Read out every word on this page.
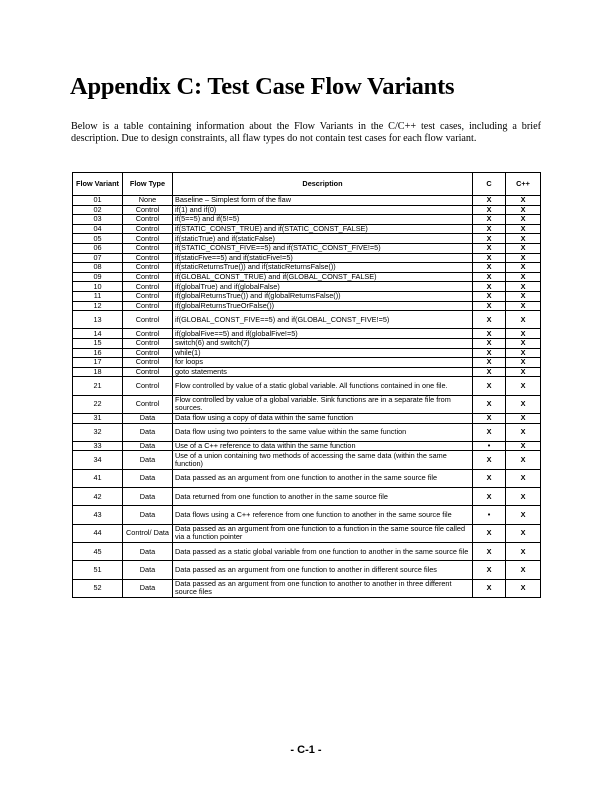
Appendix C: Test Case Flow Variants

Below is a table containing information about the Flow Variants in the C/C++ test cases, including a brief description. Due to design constraints, all flaw types do not contain test cases for each flow variant.

Flow Variant	Flow Type	Description	C	C++
01	None	Baseline – Simplest form of the flaw	X	X
02	Control	if(1) and if(0)	X	X
03	Control	if(5==5) and if(5!=5)	X	X
04	Control	if(STATIC_CONST_TRUE) and if(STATIC_CONST_FALSE)	X	X
05	Control	if(staticTrue) and if(staticFalse)	X	X
06	Control	if(STATIC_CONST_FIVE==5) and if(STATIC_CONST_FIVE!=5)	X	X
07	Control	if(staticFive==5) and if(staticFive!=5)	X	X
08	Control	if(staticReturnsTrue()) and if(staticReturnsFalse())	X	X
09	Control	if(GLOBAL_CONST_TRUE) and if(GLOBAL_CONST_FALSE)	X	X
10	Control	if(globalTrue) and if(globalFalse)	X	X
11	Control	if(globalReturnsTrue()) and if(globalReturnsFalse())	X	X
12	Control	if(globalReturnsTrueOrFalse())	X	X
13	Control	if(GLOBAL_CONST_FIVE==5) and if(GLOBAL_CONST_FIVE!=5)	X	X
14	Control	if(globalFive==5) and if(globalFive!=5)	X	X
15	Control	switch(6) and switch(7)	X	X
16	Control	while(1)	X	X
17	Control	for loops	X	X
18	Control	goto statements	X	X
21	Control	Flow controlled by value of a static global variable. All functions contained in one file.	X	X
22	Control	Flow controlled by value of a global variable. Sink functions are in a separate file from sources.	X	X
31	Data	Data flow using a copy of data within the same function	X	X
32	Data	Data flow using two pointers to the same value within the same function	X	X
33	Data	Use of a C++ reference to data within the same function	•	X
34	Data	Use of a union containing two methods of accessing the same data (within the same function)	X	X
41	Data	Data passed as an argument from one function to another in the same source file	X	X
42	Data	Data returned from one function to another in the same source file	X	X
43	Data	Data flows using a C++ reference from one function to another in the same source file	•	X
44	Control/ Data	Data passed as an argument from one function to a function in the same source file called via a function pointer	X	X
45	Data	Data passed as a static global variable from one function to another in the same source file	X	X
51	Data	Data passed as an argument from one function to another in different source files	X	X
52	Data	Data passed as an argument from one function to another to another in three different source files	X	X
- C-1 -
